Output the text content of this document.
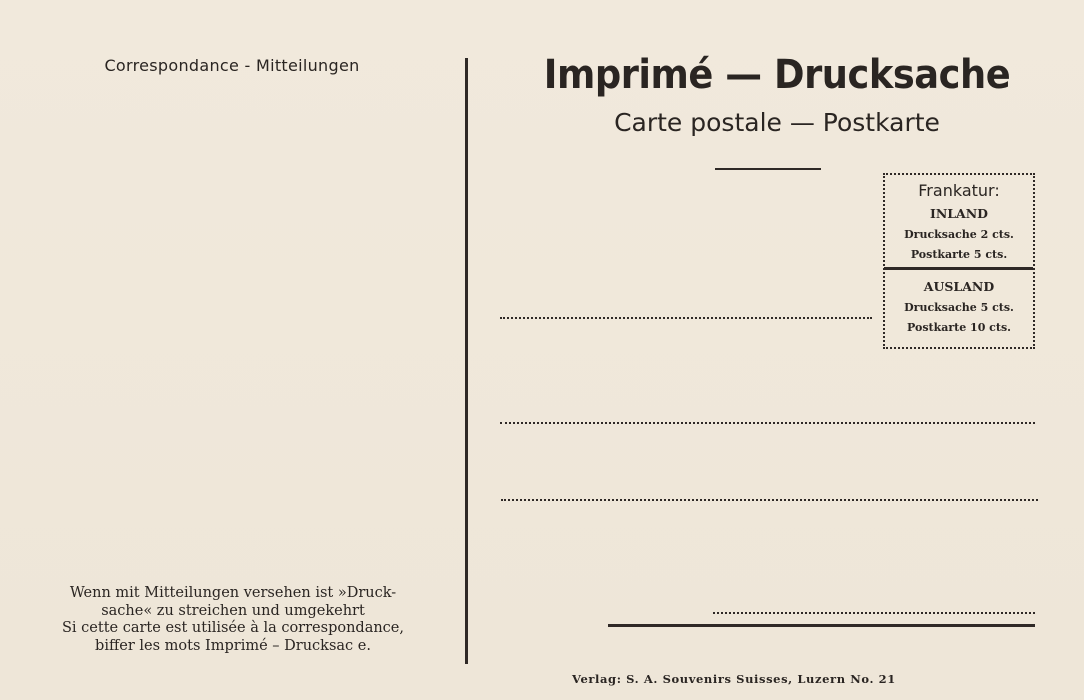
Correspondance - Mitteilungen
Wenn mit Mitteilungen versehen ist »Druck-
sache« zu streichen und umgekehrt
Si cette carte est utilisée à la correspondance,
biffer les mots Imprimé – Drucksac e.
Imprimé — Drucksache
Carte postale — Postkarte
Frankatur:
INLAND
Drucksache 2 cts.
Postkarte 5 cts.
AUSLAND
Drucksache 5 cts.
Postkarte 10 cts.
Verlag: S. A. Souvenirs Suisses, Luzern No. 21
